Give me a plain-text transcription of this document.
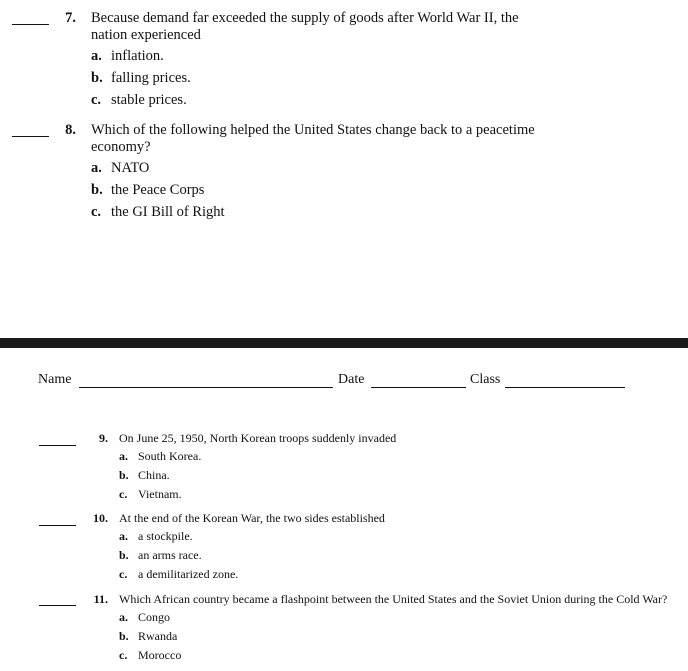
7. Because demand far exceeded the supply of goods after World War II, the nation experienced
a. inflation.
b. falling prices.
c. stable prices.
8. Which of the following helped the United States change back to a peacetime economy?
a. NATO
b. the Peace Corps
c. the GI Bill of Right
Name	Date	Class
9. On June 25, 1950, North Korean troops suddenly invaded
a. South Korea.
b. China.
c. Vietnam.
10. At the end of the Korean War, the two sides established
a. a stockpile.
b. an arms race.
c. a demilitarized zone.
11. Which African country became a flashpoint between the United States and the Soviet Union during the Cold War?
a. Congo
b. Rwanda
c. Morocco
